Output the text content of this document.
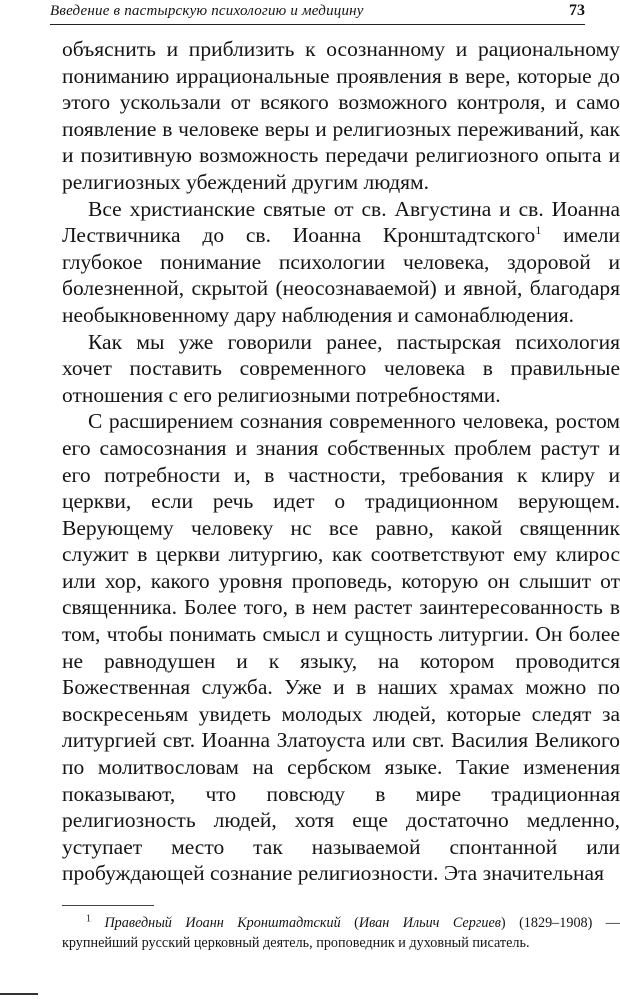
Введение в пастырскую психологию и медицину	73

объяснить и приблизить к осознанному и рациональному пониманию иррациональные проявления в вере, которые до этого ускользали от всякого возможного контроля, и само появление в человеке веры и религиозных переживаний, как и позитивную возможность передачи религиозного опыта и религиозных убеждений другим людям.

Все христианские святые от св. Августина и св. Иоанна Лествичника до св. Иоанна Кронштадтского$^1$ имели глубокое понимание психологии человека, здоровой и болезненной, скрытой (неосознаваемой) и явной, благодаря необыкновенному дару наблюдения и самонаблюдения.

Как мы уже говорили ранее, пастырская психология хочет поставить современного человека в правильные отношения с его религиозными потребностями.

С расширением сознания современного человека, ростом его самосознания и знания собственных проблем растут и его потребности и, в частности, требования к клиру и церкви, если речь идет о традиционном верующем. Верующему человеку нс все равно, какой священник служит в церкви литургию, как соответствуют ему клирос или хор, какого уровня проповедь, которую он слышит от священника. Более того, в нем растет заинтересованность в том, чтобы понимать смысл и сущность литургии. Он более не равнодушен и к языку, на котором проводится Божественная служба. Уже и в наших храмах можно по воскресеньям увидеть молодых людей, которые следят за литургией свт. Иоанна Златоуста или свт. Василия Великого по молитвословам на сербском языке. Такие изменения показывают, что повсюду в мире традиционная религиозность людей, хотя еще достаточно медленно, уступает место так называемой спонтанной или пробуждающей сознание религиозности. Эта значительная

$^1$ Праведный Иоанн Кронштадтский (Иван Ильич Сергиев) (1829–1908) — крупнейший русский церковный деятель, проповедник и духовный писатель.
